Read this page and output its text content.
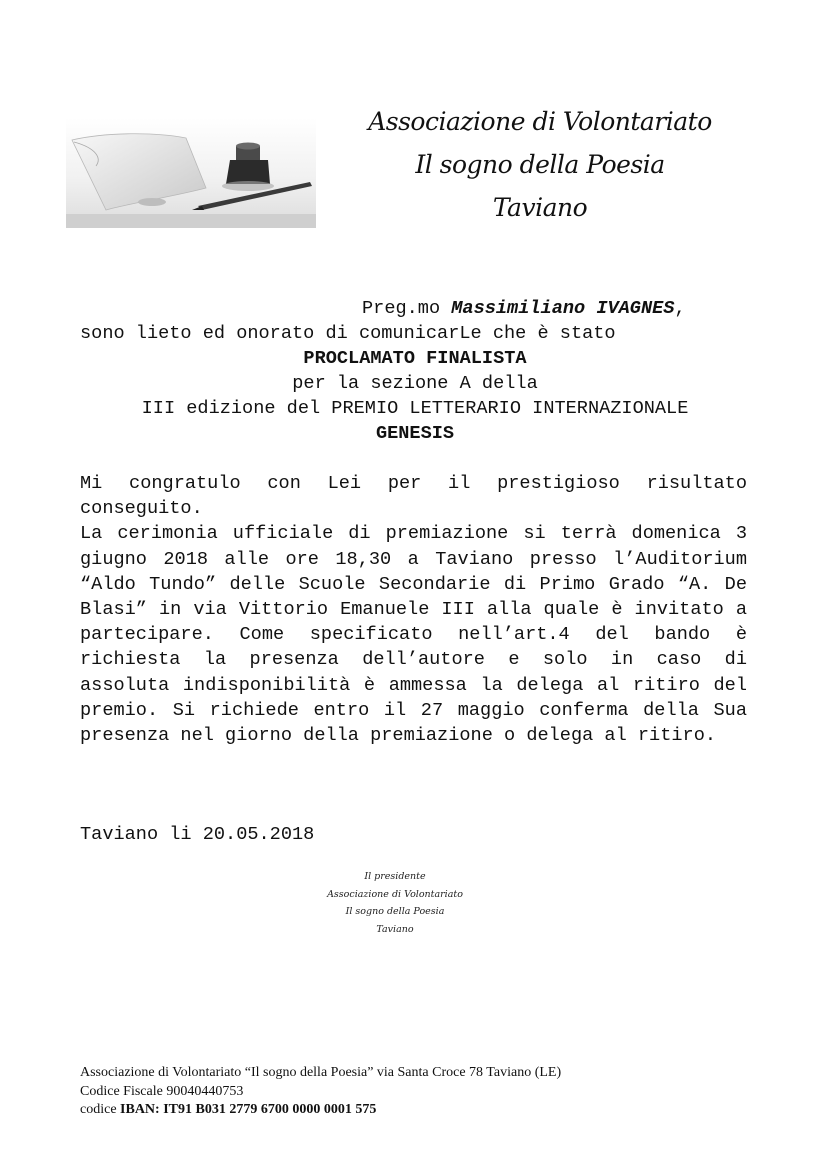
Associazione di Volontariato
Il sogno della Poesia
Taviano
Preg.mo Massimiliano IVAGNES,
sono lieto ed onorato di comunicarLe che è stato
PROCLAMATO FINALISTA
per la sezione A della
III edizione del PREMIO LETTERARIO INTERNAZIONALE
GENESIS

Mi congratulo con Lei per il prestigioso risultato conseguito.

La cerimonia ufficiale di premiazione si terrà domenica 3 giugno 2018 alle ore 18,30 a Taviano presso l’Auditorium “Aldo Tundo” delle Scuole Secondarie di Primo Grado “A. De Blasi” in via Vittorio Emanuele III alla quale è invitato a partecipare. Come specificato nell’art.4 del bando è richiesta la presenza dell’autore e solo in caso di assoluta indisponibilità è ammessa la delega al ritiro del premio. Si richiede entro il 27 maggio conferma della Sua presenza nel giorno della premiazione o delega al ritiro.

Taviano li 20.05.2018
Il presidente
Associazione di Volontariato
Il sogno della Poesia
Taviano
Associazione di Volontariato “Il sogno della Poesia” via Santa Croce 78 Taviano (LE)
Codice Fiscale 90040440753
codice IBAN: IT91 B031 2779 6700 0000 0001 575
